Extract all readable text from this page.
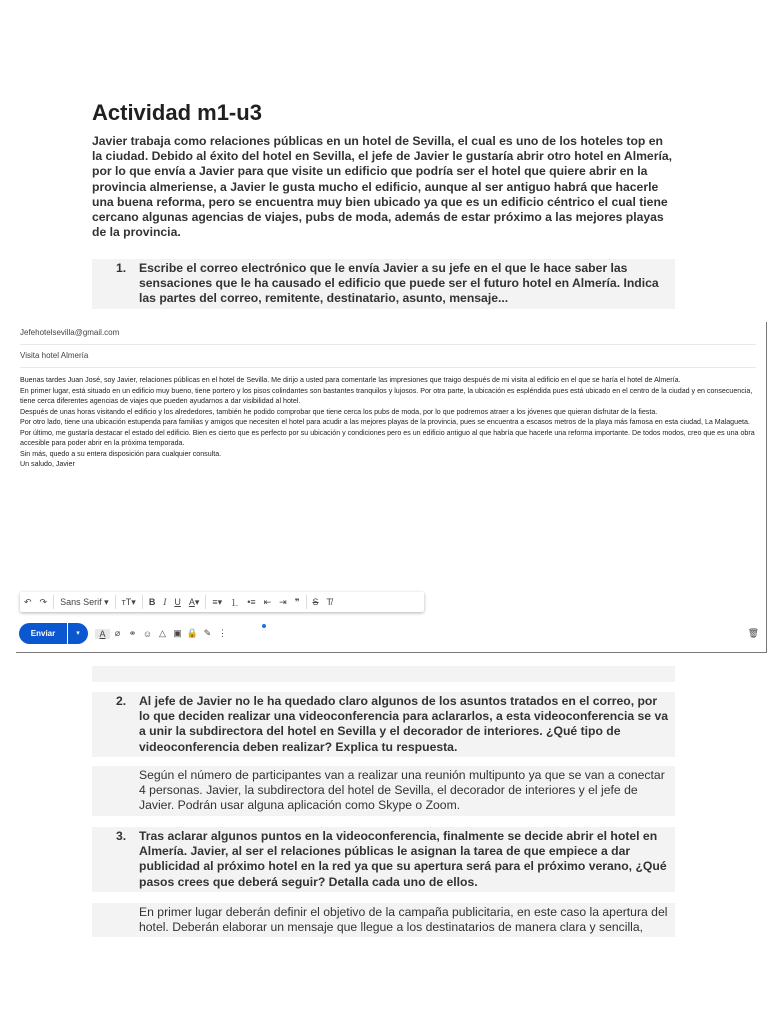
Actividad m1-u3
Javier trabaja como relaciones públicas en un hotel de Sevilla, el cual es uno de los hoteles top en la ciudad. Debido al éxito del hotel en Sevilla, el jefe de Javier le gustaría abrir otro hotel en Almería, por lo que envía a Javier para que visite un edificio que podría ser el hotel que quiere abrir en la provincia almeriense, a Javier le gusta mucho el edificio, aunque al ser antiguo habrá que hacerle una buena reforma, pero se encuentra muy bien ubicado ya que es un edificio céntrico el cual tiene cercano algunas agencias de viajes, pubs de moda, además de estar próximo a las mejores playas de la provincia.
1. Escribe el correo electrónico que le envía Javier a su jefe en el que le hace saber las sensaciones que le ha causado el edificio que puede ser el futuro hotel en Almería. Indica las partes del correo, remitente, destinatario, asunto, mensaje...
Jefehotelsevilla@gmail.com
Visita hotel Almería
Buenas tardes Juan José, soy Javier, relaciones públicas en el hotel de Sevilla. Me dirijo a usted para comentarle las impresiones que traigo después de mi visita al edificio en el que se haría el hotel de Almería.
En primer lugar, está situado en un edificio muy bueno, tiene portero y los pisos colindantes son bastantes tranquilos y lujosos. Por otra parte, la ubicación es espléndida pues está ubicado en el centro de la ciudad y en consecuencia, tiene cerca diferentes agencias de viajes que pueden ayudarnos a dar visibilidad al hotel.
Después de unas horas visitando el edificio y los alrededores, también he podido comprobar que tiene cerca los pubs de moda, por lo que podremos atraer a los jóvenes que quieran disfrutar de la fiesta.
Por otro lado, tiene una ubicación estupenda para familias y amigos que necesiten el hotel para acudir a las mejores playas de la provincia, pues se encuentra a escasos metros de la playa más famosa en esta ciudad, La Malagueta.
Por último, me gustaría destacar el estado del edificio. Bien es cierto que es perfecto por su ubicación y condiciones pero es un edificio antiguo al que habría que hacerle una reforma importante. De todos modos, creo que es una obra accesible para poder abrir en la próxima temporada.
Sin más, quedo a su entera disposición para cualquier consulta.
Un saludo, Javier
↶ ↷	Sans Serif
▾ тT ▾	B I U A ▾ ≡ ▾ ⒈ •≡ ⇤ ⇥ ❞	S T̸
Enviar	▾	A	⌀ ⚭ ☺ △ ▣ 🔒 ✎ ⋮	🗑
2. Al jefe de Javier no le ha quedado claro algunos de los asuntos tratados en el correo, por lo que deciden realizar una videoconferencia para aclararlos, a esta videoconferencia se va a unir la subdirectora del hotel en Sevilla y el decorador de interiores. ¿Qué tipo de videoconferencia deben realizar? Explica tu respuesta.
Según el número de participantes van a realizar una reunión multipunto ya que se van a conectar 4 personas. Javier, la subdirectora del hotel de Sevilla, el decorador de interiores y el jefe de Javier. Podrán usar alguna aplicación como Skype o Zoom.
3. Tras aclarar algunos puntos en la videoconferencia, finalmente se decide abrir el hotel en Almería. Javier, al ser el relaciones públicas le asignan la tarea de que empiece a dar publicidad al próximo hotel en la red ya que su apertura será para el próximo verano, ¿Qué pasos crees que deberá seguir? Detalla cada uno de ellos.
En primer lugar deberán definir el objetivo de la campaña publicitaria, en este caso la apertura del hotel. Deberán elaborar un mensaje que llegue a los destinatarios de manera clara y sencilla,
